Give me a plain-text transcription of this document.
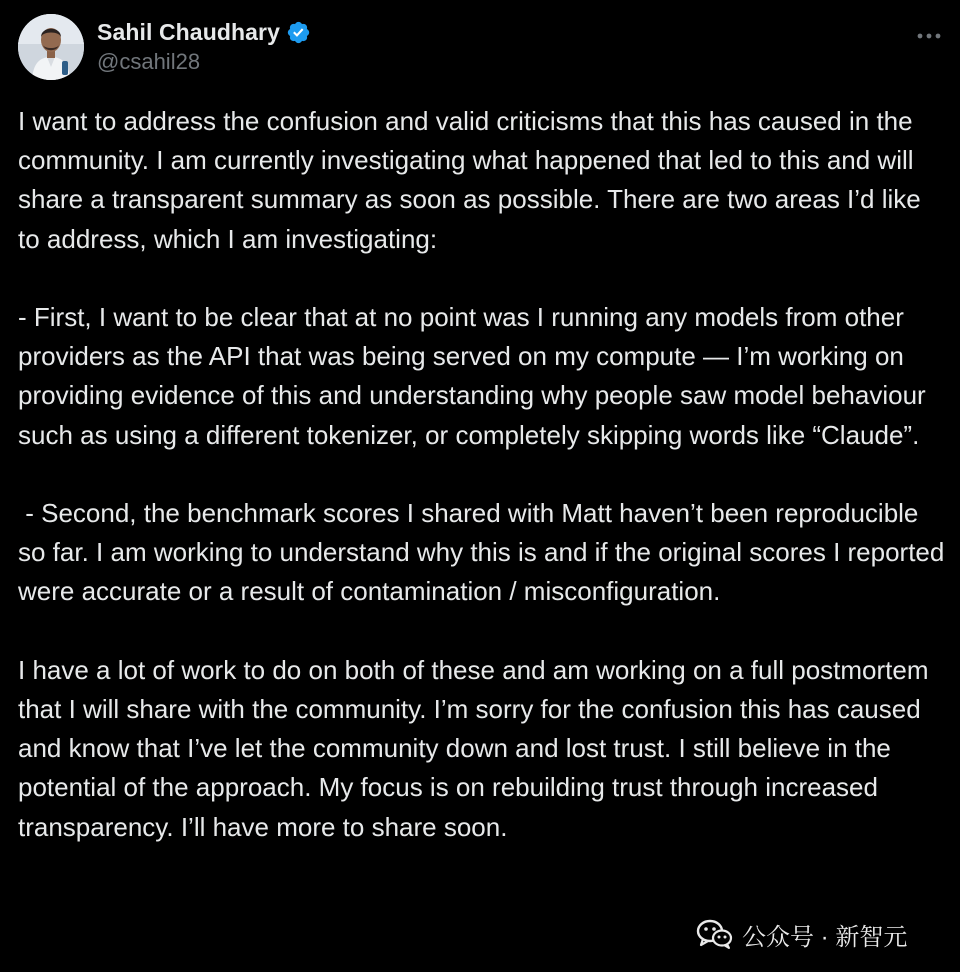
Sahil Chaudhary
@csahil28

I want to address the confusion and valid criticisms that this has caused in the community. I am currently investigating what happened that led to this and will share a transparent summary as soon as possible. There are two areas I’d like to address, which I am investigating:

- First, I want to be clear that at no point was I running any models from other providers as the API that was being served on my compute — I’m working on providing evidence of this and understanding why people saw model behaviour such as using a different tokenizer, or completely skipping words like “Claude”.

- Second, the benchmark scores I shared with Matt haven’t been reproducible so far. I am working to understand why this is and if the original scores I reported were accurate or a result of contamination / misconfiguration.

I have a lot of work to do on both of these and am working on a full postmortem that I will share with the community. I’m sorry for the confusion this has caused and know that I’ve let the community down and lost trust. I still believe in the potential of the approach. My focus is on rebuilding trust through increased transparency. I’ll have more to share soon.

公众号 · 新智元
